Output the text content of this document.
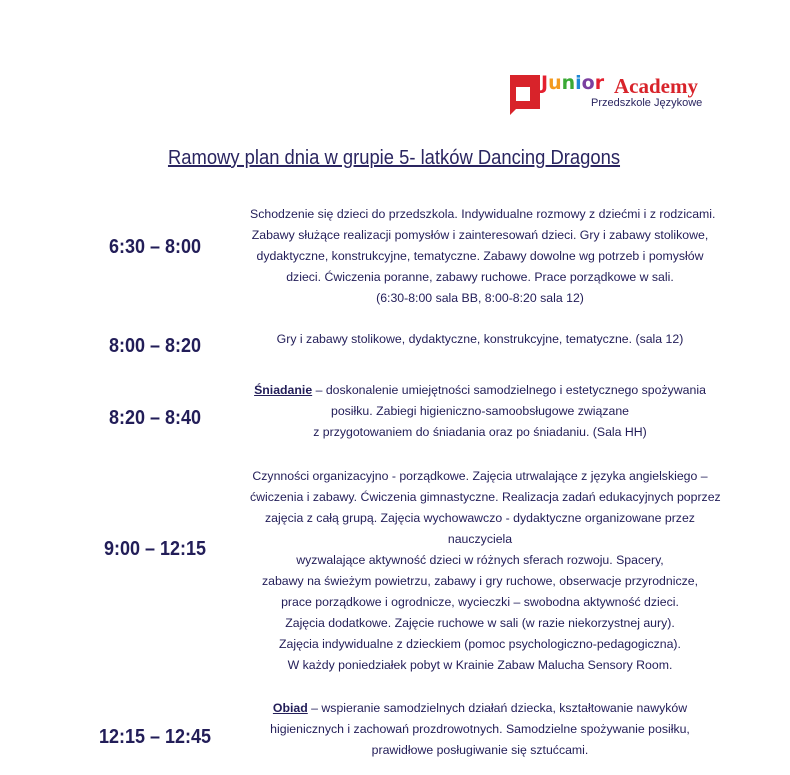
Junior Academy
Przedszkole Językowe
Ramowy plan dnia w grupie 5- latków Dancing Dragons
6:30 – 8:00
Schodzenie się dzieci do przedszkola. Indywidualne rozmowy z dziećmi i z rodzicami.
Zabawy służące realizacji pomysłów i zainteresowań dzieci. Gry i zabawy stolikowe,
dydaktyczne, konstrukcyjne, tematyczne. Zabawy dowolne wg potrzeb i pomysłów
dzieci. Ćwiczenia poranne, zabawy ruchowe. Prace porządkowe w sali.
(6:30-8:00 sala BB, 8:00-8:20 sala 12)
8:00 – 8:20	Gry i zabawy stolikowe, dydaktyczne, konstrukcyjne, tematyczne. (sala 12)
8:20 – 8:40
Śniadanie – doskonalenie umiejętności samodzielnego i estetycznego spożywania
posiłku. Zabiegi higieniczno-samoobsługowe związane
z przygotowaniem do śniadania oraz po śniadaniu. (Sala HH)
9:00 – 12:15
Czynności organizacyjno - porządkowe. Zajęcia utrwalające z języka angielskiego –
ćwiczenia i zabawy. Ćwiczenia gimnastyczne. Realizacja zadań edukacyjnych poprzez
zajęcia z całą grupą. Zajęcia wychowawczo - dydaktyczne organizowane przez
nauczyciela
wyzwalające aktywność dzieci w różnych sferach rozwoju. Spacery,
zabawy na świeżym powietrzu, zabawy i gry ruchowe, obserwacje przyrodnicze,
prace porządkowe i ogrodnicze, wycieczki – swobodna aktywność dzieci.
Zajęcia dodatkowe. Zajęcie ruchowe w sali (w razie niekorzystnej aury).
Zajęcia indywidualne z dzieckiem (pomoc psychologiczno-pedagogiczna).
W każdy poniedziałek pobyt w Krainie Zabaw Malucha Sensory Room.
12:15 – 12:45
Obiad – wspieranie samodzielnych działań dziecka, kształtowanie nawyków
higienicznych i zachowań prozdrowotnych. Samodzielne spożywanie posiłku,
prawidłowe posługiwanie się sztućcami.
